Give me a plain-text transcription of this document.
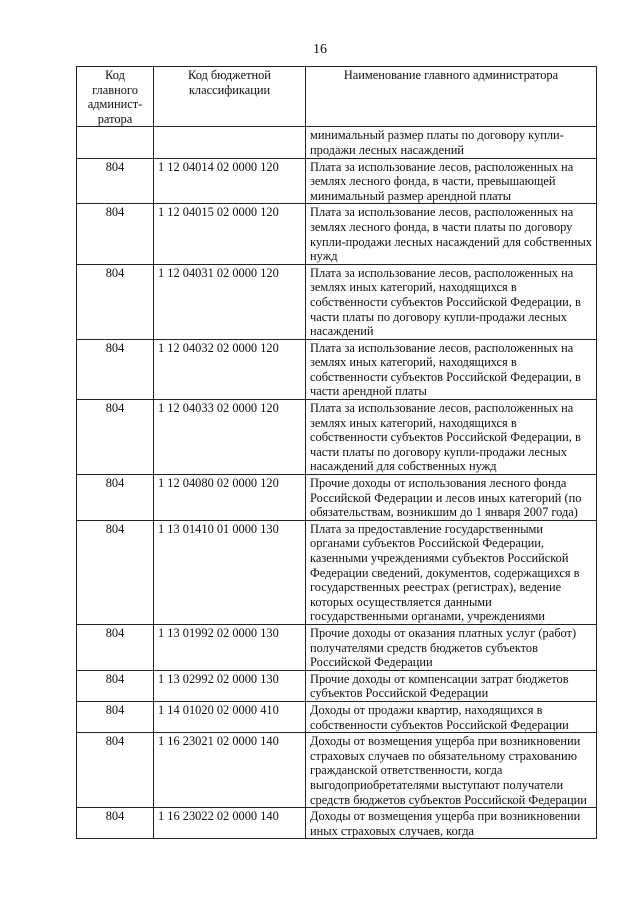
16
Код главного админист-ратора	Код бюджетной классификации	Наименование главного администратора
		минимальный размер платы по договору купли-продажи лесных насаждений
804	1 12 04014 02 0000 120	Плата за использование лесов, расположенных на землях лесного фонда, в части, превышающей минимальный размер арендной платы
804	1 12 04015 02 0000 120	Плата за использование лесов, расположенных на землях лесного фонда, в части платы по договору купли-продажи лесных насаждений для собственных нужд
804	1 12 04031 02 0000 120	Плата за использование лесов, расположенных на землях иных категорий, находящихся в собственности субъектов Российской Федерации, в части платы по договору купли-продажи лесных насаждений
804	1 12 04032 02 0000 120	Плата за использование лесов, расположенных на землях иных категорий, находящихся в собственности субъектов Российской Федерации, в части арендной платы
804	1 12 04033 02 0000 120	Плата за использование лесов, расположенных на землях иных категорий, находящихся в собственности субъектов Российской Федерации, в части платы по договору купли-продажи лесных насаждений для собственных нужд
804	1 12 04080 02 0000 120	Прочие доходы от использования лесного фонда Российской Федерации и лесов иных категорий (по обязательствам, возникшим до 1 января 2007 года)
804	1 13 01410 01 0000 130	Плата за предоставление государственными органами субъектов Российской Федерации, казенными учреждениями субъектов Российской Федерации сведений, документов, содержащихся в государственных реестрах (регистрах), ведение которых осуществляется данными государственными органами, учреждениями
804	1 13 01992 02 0000 130	Прочие доходы от оказания платных услуг (работ) получателями средств бюджетов субъектов Российской Федерации
804	1 13 02992 02 0000 130	Прочие доходы от компенсации затрат бюджетов субъектов Российской Федерации
804	1 14 01020 02 0000 410	Доходы от продажи квартир, находящихся в собственности субъектов Российской Федерации
804	1 16 23021 02 0000 140	Доходы от возмещения ущерба при возникновении страховых случаев по обязательному страхованию гражданской ответственности, когда выгодоприобретателями выступают получатели средств бюджетов субъектов Российской Федерации
804	1 16 23022 02 0000 140	Доходы от возмещения ущерба при возникновении иных страховых случаев, когда
